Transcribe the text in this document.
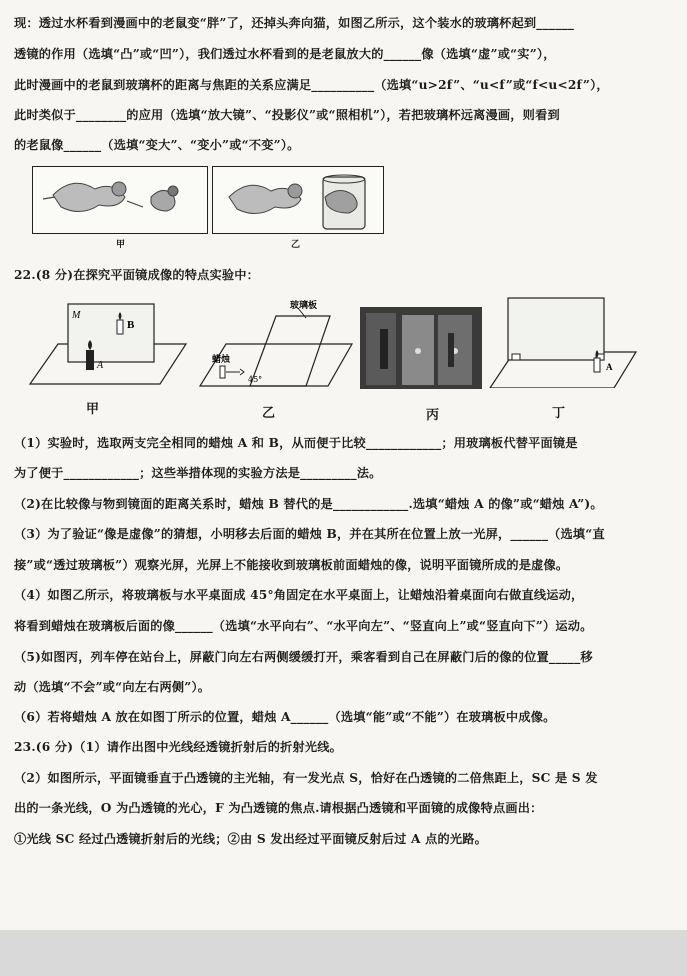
现：透过水杯看到漫画中的老鼠变“胖”了，还掉头奔向猫，如图乙所示，这个装水的玻璃杯起到______
透镜的作用（选填“凸”或“凹”），我们透过水杯看到的是老鼠放大的______像（选填“虚”或“实”），
此时漫画中的老鼠到玻璃杯的距离与焦距的关系应满足__________（选填“u>2f”、“u<f”或“f<u<2f”），
此时类似于________的应用（选填“放大镜”、“投影仪”或“照相机”），若把玻璃杯远离漫画，则看到
的老鼠像______（选填“变大”、“变小”或“不变”）。
甲	乙
22.(8 分)在探究平面镜成像的特点实验中：
M
B
A
玻璃板
蜡烛
45°
A
甲	乙	丙	丁
（1）实验时，选取两支完全相同的蜡烛 A 和 B，从而便于比较____________；用玻璃板代替平面镜是
为了便于____________；这些举措体现的实验方法是_________法。
（2)在比较像与物到镜面的距离关系时，蜡烛 B 替代的是____________.选填“蜡烛 A 的像”或“蜡烛 A”)。
（3）为了验证“像是虚像”的猜想，小明移去后面的蜡烛 B，并在其所在位置上放一光屏，______（选填“直
接”或“透过玻璃板”）观察光屏，光屏上不能接收到玻璃板前面蜡烛的像，说明平面镜所成的是虚像。
（4）如图乙所示，将玻璃板与水平桌面成 45°角固定在水平桌面上，让蜡烛沿着桌面向右做直线运动，
将看到蜡烛在玻璃板后面的像______（选填“水平向右”、“水平向左”、“竖直向上”或“竖直向下”）运动。
（5)如图丙，列车停在站台上，屏蔽门向左右两侧缓缓打开，乘客看到自己在屏蔽门后的像的位置_____移
动（选填“不会”或“向左右两侧”）。
（6）若将蜡烛 A 放在如图丁所示的位置，蜡烛 A______（选填“能”或“不能”）在玻璃板中成像。
23.(6 分)（1）请作出图中光线经透镜折射后的折射光线。
（2）如图所示，平面镜垂直于凸透镜的主光轴，有一发光点 S，恰好在凸透镜的二倍焦距上，SC 是 S 发
出的一条光线，O 为凸透镜的光心，F 为凸透镜的焦点.请根据凸透镜和平面镜的成像特点画出：
①光线 SC 经过凸透镜折射后的光线；②由 S 发出经过平面镜反射后过 A 点的光路。
